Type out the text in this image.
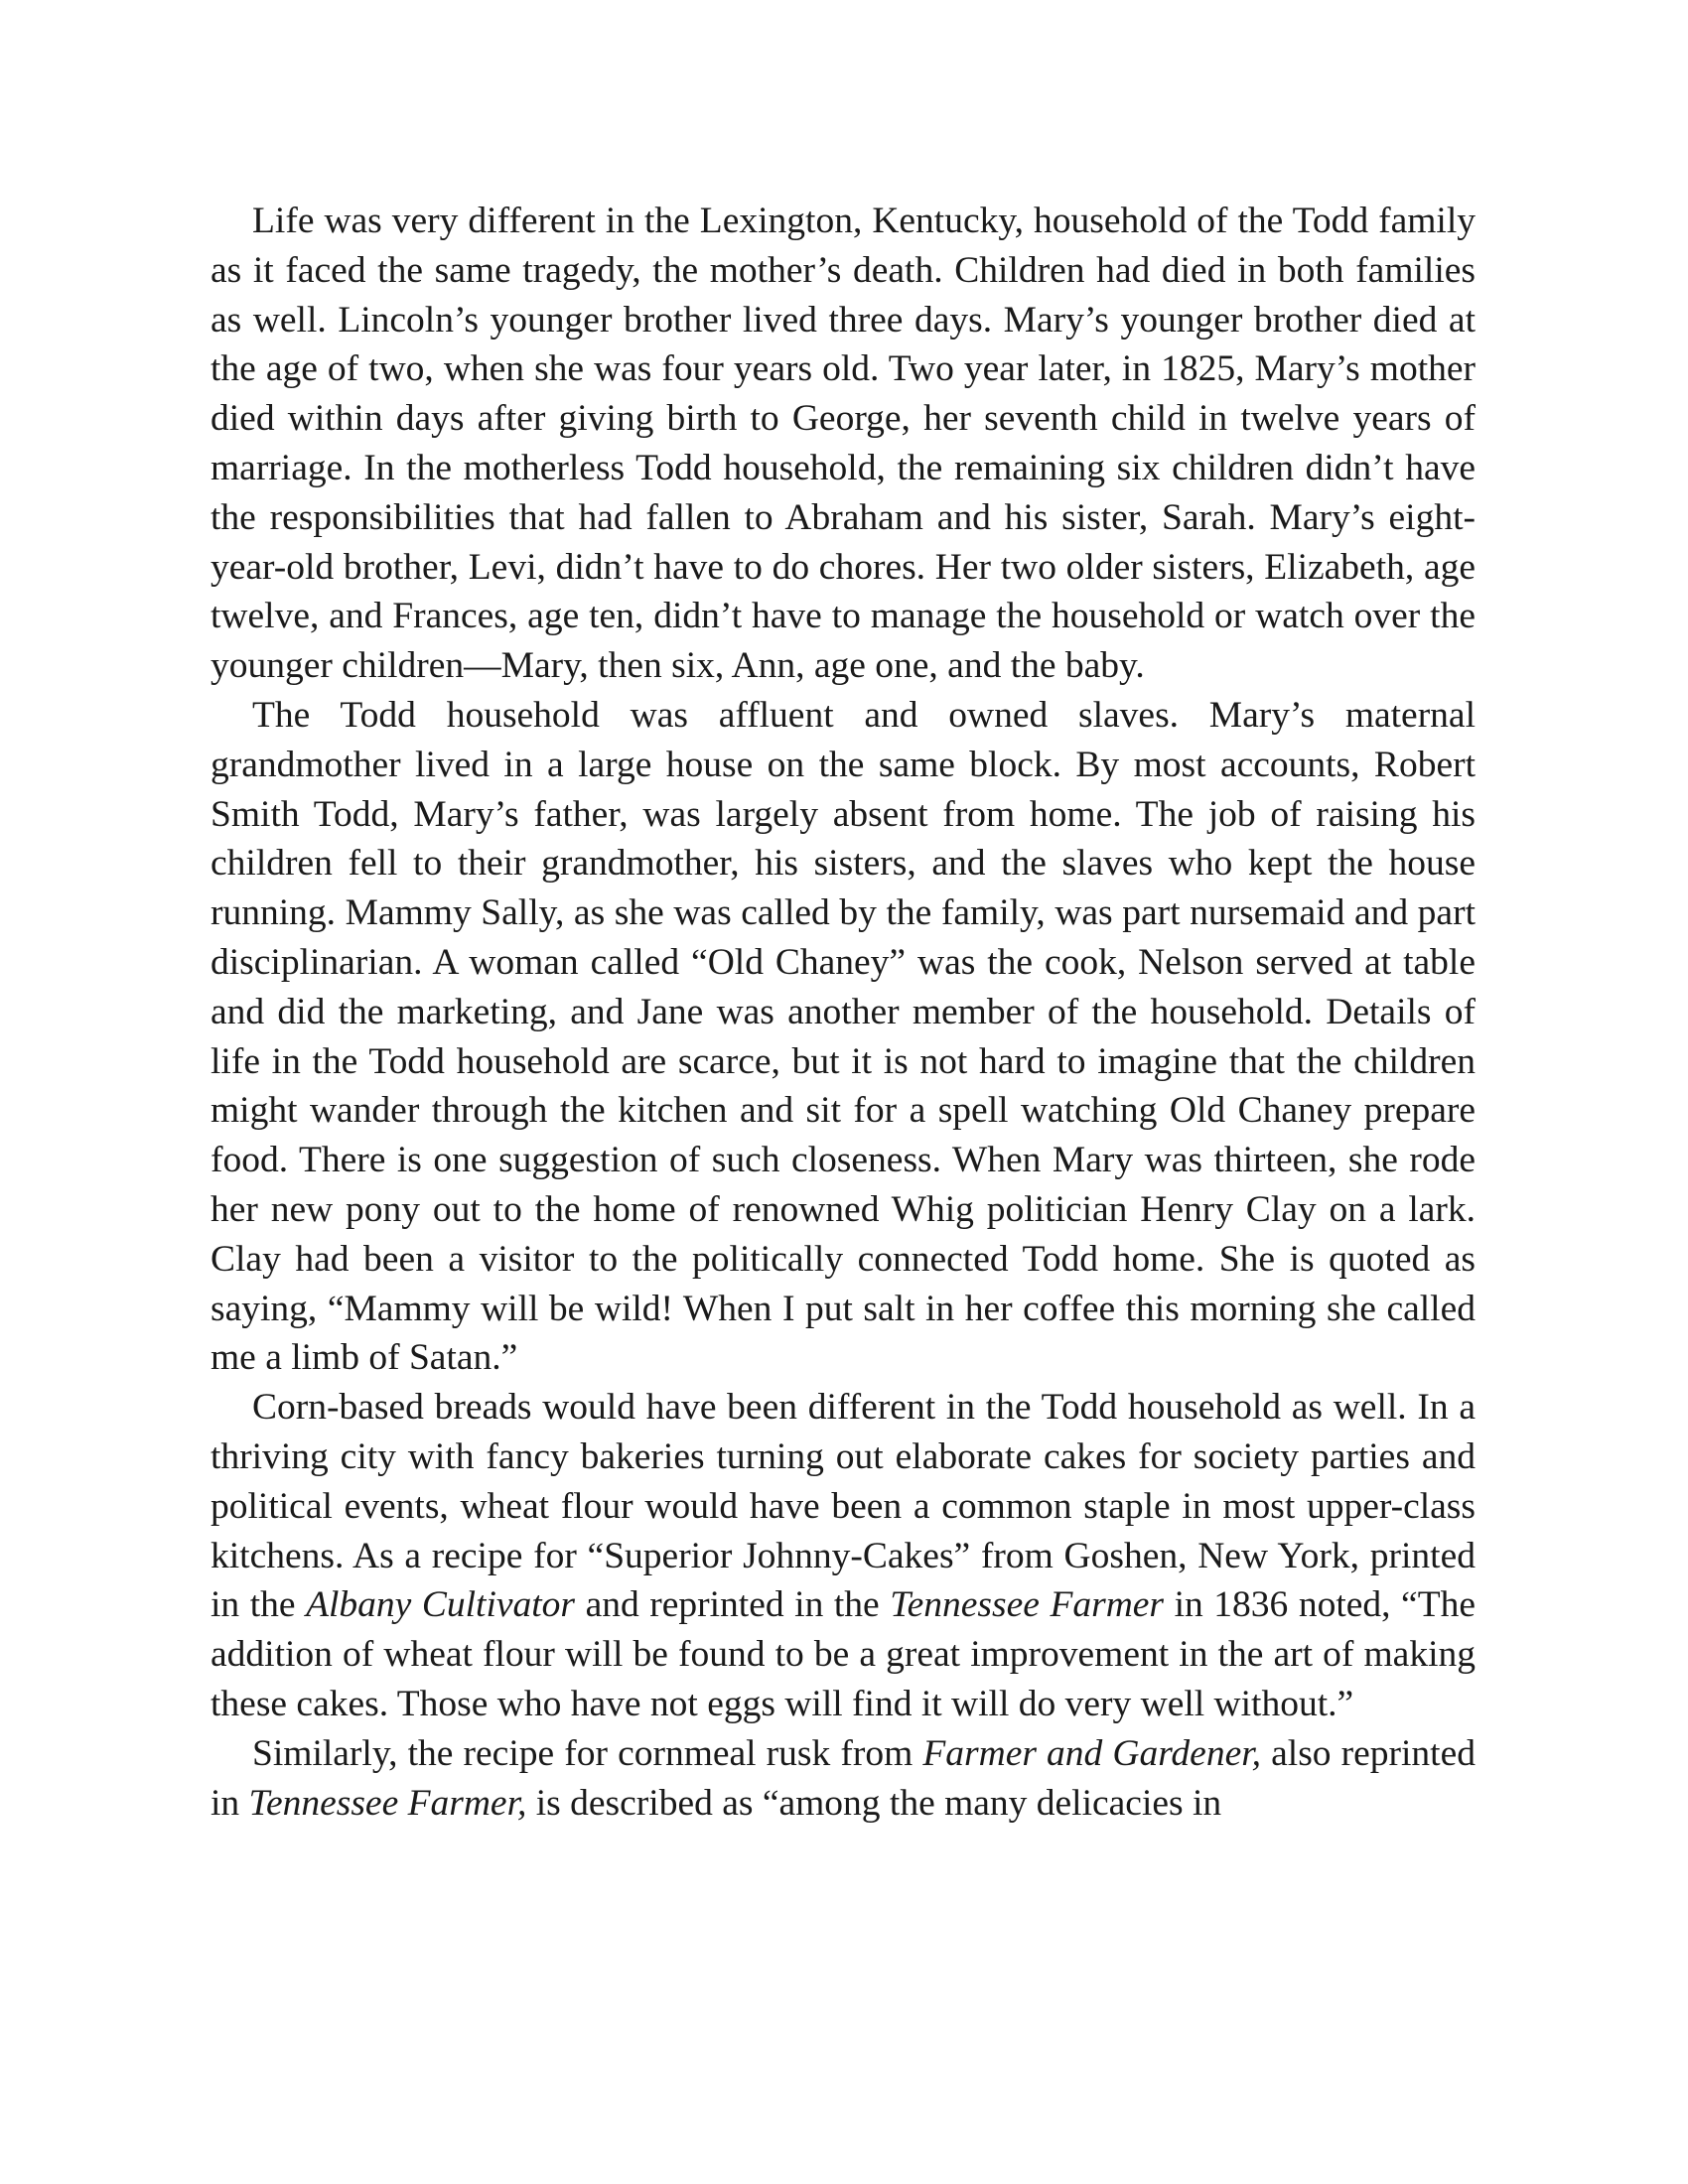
Life was very different in the Lexington, Kentucky, household of the Todd family as it faced the same tragedy, the mother’s death. Children had died in both families as well. Lincoln’s younger brother lived three days. Mary’s younger brother died at the age of two, when she was four years old. Two year later, in 1825, Mary’s mother died within days after giving birth to George, her seventh child in twelve years of marriage. In the motherless Todd household, the remaining six children didn’t have the responsibilities that had fallen to Abraham and his sister, Sarah. Mary’s eight-year-old brother, Levi, didn’t have to do chores. Her two older sisters, Elizabeth, age twelve, and Frances, age ten, didn’t have to manage the household or watch over the younger children—Mary, then six, Ann, age one, and the baby.

The Todd household was affluent and owned slaves. Mary’s maternal grandmother lived in a large house on the same block. By most accounts, Robert Smith Todd, Mary’s father, was largely absent from home. The job of raising his children fell to their grandmother, his sisters, and the slaves who kept the house running. Mammy Sally, as she was called by the family, was part nursemaid and part disciplinarian. A woman called “Old Chaney” was the cook, Nelson served at table and did the marketing, and Jane was another member of the household. Details of life in the Todd household are scarce, but it is not hard to imagine that the children might wander through the kitchen and sit for a spell watching Old Chaney prepare food. There is one suggestion of such closeness. When Mary was thirteen, she rode her new pony out to the home of renowned Whig politician Henry Clay on a lark. Clay had been a visitor to the politically connected Todd home. She is quoted as saying, “Mammy will be wild! When I put salt in her coffee this morning she called me a limb of Satan.”

Corn-based breads would have been different in the Todd household as well. In a thriving city with fancy bakeries turning out elaborate cakes for society parties and political events, wheat flour would have been a common staple in most upper-class kitchens. As a recipe for “Superior Johnny-Cakes” from Goshen, New York, printed in the Albany Cultivator and reprinted in the Tennessee Farmer in 1836 noted, “The addition of wheat flour will be found to be a great improvement in the art of making these cakes. Those who have not eggs will find it will do very well without.”

Similarly, the recipe for cornmeal rusk from Farmer and Gardener, also reprinted in Tennessee Farmer, is described as “among the many delicacies in
